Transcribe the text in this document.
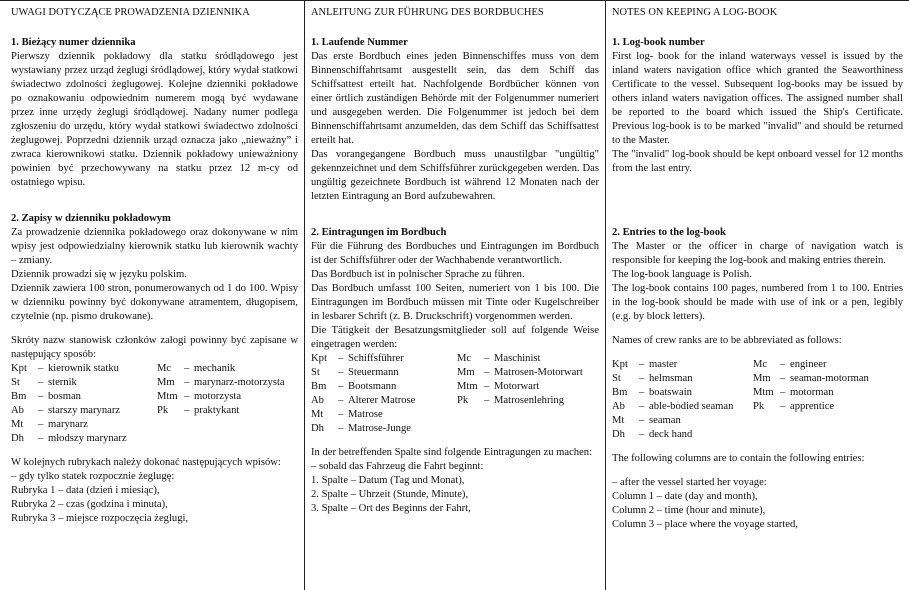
UWAGI DOTYCZĄCE PROWADZENIA DZIENNIKA

1. Bieżący numer dziennika

Pierwszy dziennik pokładowy dla statku śródlądowego jest wystawiany przez urząd żeglugi śródlądowej, który wydał statkowi świadectwo zdolności żeglugowej. Kolejne dzienniki pokładowe po oznakowaniu odpowiednim numerem mogą być wydawane przez inne urzędy żeglugi śródlądowej. Nadany numer podlega zgłoszeniu do urzędu, który wydał statkowi świadectwo zdolności żeglugowej. Poprzedni dziennik urząd oznacza jako „nieważny” i zwraca kierownikowi statku. Dziennik pokładowy unieważniony powinien być przechowywany na statku przez 12 m-cy od ostatniego wpisu.

2. Zapisy w dzienniku pokładowym

Za prowadzenie dziennika pokładowego oraz dokonywane w nim wpisy jest odpowiedzialny kierownik statku lub kierownik wachty – zmiany.

Dziennik prowadzi się w języku polskim.

Dziennik zawiera 100 stron, ponumerowanych od 1 do 100. Wpisy w dzienniku powinny być dokonywane atramentem, długopisem, czytelnie (np. pismo drukowane).

Skróty nazw stanowisk członków załogi powinny być zapisane w następujący sposób:

Kpt	–	kierownik statku	Mc	–	mechanik
St	–	sternik	Mm	–	marynarz-motorzysta
Bm	–	bosman	Mtm	–	motorzysta
Ab	–	starszy marynarz	Pk	–	praktykant
Mt	–	marynarz			
Dh	–	młodszy marynarz			

W kolejnych rubrykach należy dokonać następujących wpisów:

– gdy tylko statek rozpocznie żeglugę:

Rubryka 1 – data (dzień i miesiąc),

Rubryka 2 – czas (godzina i minuta),

Rubryka 3 – miejsce rozpoczęcia żeglugi,

ANLEITUNG ZUR FÜHRUNG DES BORDBUCHES

1. Laufende Nummer

Das erste Bordbuch eines jeden Binnenschiffes muss von dem Binnenschiffahrtsamt ausgestellt sein, das dem Schiff das Schiffsattest erteilt hat. Nachfolgende Bordbücher können von einer örtlich zuständigen Behörde mit der Folgenummer numeriert und ausgegeben werden. Die Folgenummer ist jedoch bei dem Binnenschiffahrtsamt anzumelden, das dem Schiff das Schiffsattest erteilt hat.

Das vorangegangene Bordbuch muss unaustilgbar "ungültig" gekennzeichnet und dem Schiffsführer zurückgegeben werden. Das ungültig gezeichnete Bordbuch ist während 12 Monaten nach der letzten Eintragung an Bord aufzubewahren.

2. Eintragungen im Bordbuch

Für die Führung des Bordbuches und Eintragungen im Bordbuch ist der Schiffsführer oder der Wachhabende verantwortlich.

Das Bordbuch ist in polnischer Sprache zu führen.

Das Bordbuch umfasst 100 Seiten, numeriert von 1 bis 100. Die Eintragungen im Bordbuch müssen mit Tinte oder Kugelschreiber in lesbarer Schrift (z. B. Druckschrift) vorgenommen werden.

Die Tätigkeit der Besatzungsmitglieder soll auf folgende Weise eingetragen werden:

Kpt	–	Schiffsführer	Mc	–	Maschinist
St	–	Steuermann	Mm	–	Matrosen-Motorwart
Bm	–	Bootsmann	Mtm	–	Motorwart
Ab	–	Alterer Matrose	Pk	–	Matrosenlehring
Mt	–	Matrose			
Dh	–	Matrose-Junge			

In der betreffenden Spalte sind folgende Eintragungen zu machen:

– sobald das Fahrzeug die Fahrt beginnt:

1. Spalte – Datum (Tag und Monat),

2. Spalte – Uhrzeit (Stunde, Minute),

3. Spalte – Ort des Beginns der Fahrt,

NOTES ON KEEPING A LOG-BOOK

1. Log-book number

First log- book for the inland waterways vessel is issued by the inland waters navigation office which granted the Seaworthiness Certificate to the vessel. Subsequent log-books may be issued by others inland waters navigation offices. The assigned number shall be reported to the board which issued the Ship's Certificate. Previous log-book is to be marked "invalid" and should be returned to the Master.

The "invalid" log-book should be kept onboard vessel for 12 months from the last entry.

2. Entries to the log-book

The Master or the officer in charge of navigation watch is responsible for keeping the log-book and making entries therein.

The log-book language is Polish.

The log-book contains 100 pages, numbered from 1 to 100. Entries in the log-book should be made with use of ink or a pen, legibly (e.g. by block letters).

Names of crew ranks are to be abbreviated as follows:

Kpt	–	master	Mc	–	engineer
St	–	helmsman	Mm	–	seaman-motorman
Bm	–	boatswain	Mtm	–	motorman
Ab	–	able-bodied seaman	Pk	–	apprentice
Mt	–	seaman			
Dh	–	deck hand			

The following columns are to contain the following entries:

– after the vessel started her voyage:

Column 1 – date (day and month),

Column 2 – time (hour and minute),

Column 3 – place where the voyage started,
